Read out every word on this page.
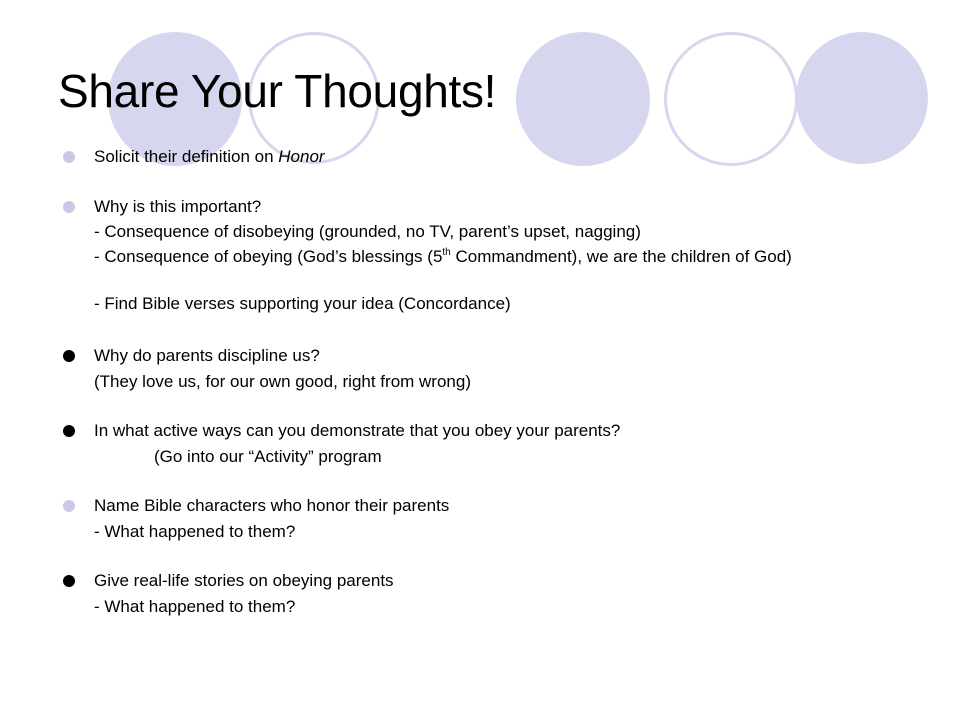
Share Your Thoughts!
Solicit their definition on Honor
Why is this important?
- Consequence of disobeying (grounded, no TV, parent’s upset, nagging)
- Consequence of obeying (God’s blessings (5th Commandment), we are the children of God)
- Find Bible verses supporting your idea (Concordance)
Why do parents discipline us?
(They love us, for our own good, right from wrong)
In what active ways can you demonstrate that you obey your parents?
(Go into our “Activity” program
Name Bible characters who honor their parents
- What happened to them?
Give real-life stories on obeying parents
- What happened to them?
